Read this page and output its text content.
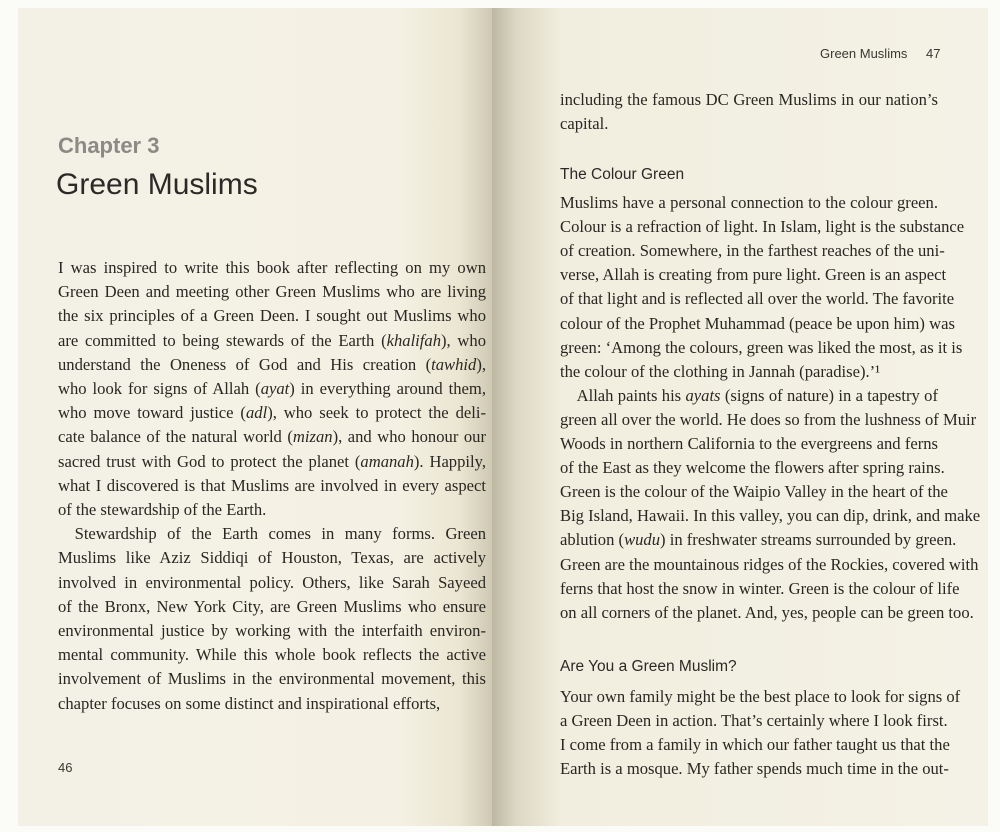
Chapter 3
Green Muslims
I was inspired to write this book after reflecting on my own
Green Deen and meeting other Green Muslims who are living
the six principles of a Green Deen. I sought out Muslims who
are committed to being stewards of the Earth (khalifah), who
understand the Oneness of God and His creation (tawhid),
who look for signs of Allah (ayat) in everything around them,
who move toward justice (adl), who seek to protect the deli-
cate balance of the natural world (mizan), and who honour our
sacred trust with God to protect the planet (amanah). Happily,
what I discovered is that Muslims are involved in every aspect
of the stewardship of the Earth.
 Stewardship of the Earth comes in many forms. Green
Muslims like Aziz Siddiqi of Houston, Texas, are actively
involved in environmental policy. Others, like Sarah Sayeed
of the Bronx, New York City, are Green Muslims who ensure
environmental justice by working with the interfaith environ-
mental community. While this whole book reflects the active
involvement of Muslims in the environmental movement, this
chapter focuses on some distinct and inspirational efforts,
46
Green Muslims 47
The Colour Green
Are You a Green Muslim?
including the famous DC Green Muslims in our nation’s
capital.
Muslims have a personal connection to the colour green.
Colour is a refraction of light. In Islam, light is the substance
of creation. Somewhere, in the farthest reaches of the uni-
verse, Allah is creating from pure light. Green is an aspect
of that light and is reflected all over the world. The favorite
colour of the Prophet Muhammad (peace be upon him) was
green: ‘Among the colours, green was liked the most, as it is
the colour of the clothing in Jannah (paradise).’¹
 Allah paints his ayats (signs of nature) in a tapestry of
green all over the world. He does so from the lushness of Muir
Woods in northern California to the evergreens and ferns
of the East as they welcome the flowers after spring rains.
Green is the colour of the Waipio Valley in the heart of the
Big Island, Hawaii. In this valley, you can dip, drink, and make
ablution (wudu) in freshwater streams surrounded by green.
Green are the mountainous ridges of the Rockies, covered with
ferns that host the snow in winter. Green is the colour of life
on all corners of the planet. And, yes, people can be green too.
Your own family might be the best place to look for signs of
a Green Deen in action. That’s certainly where I look first.
I come from a family in which our father taught us that the
Earth is a mosque. My father spends much time in the out-
